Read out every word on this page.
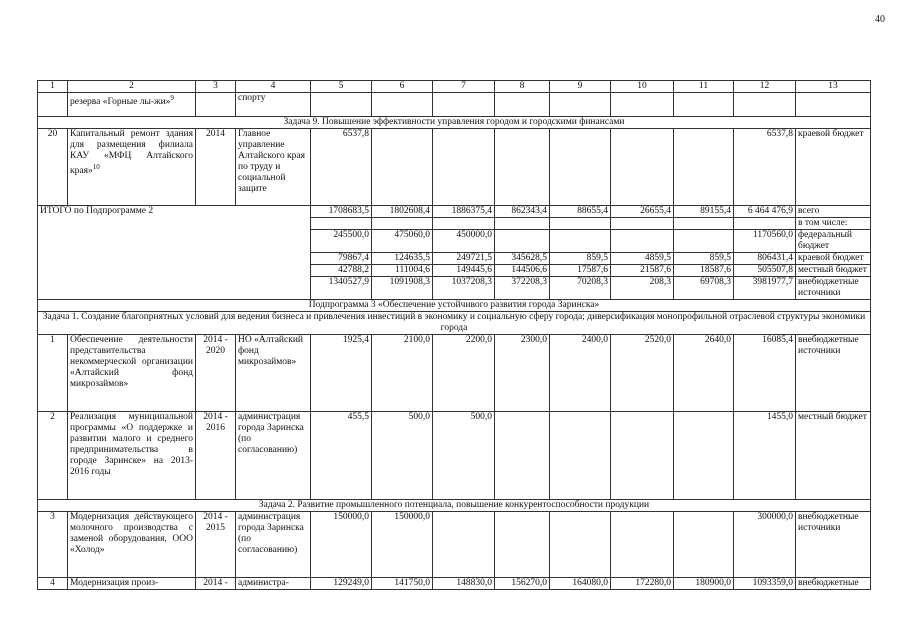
40
1	2	3	4	5	6	7	8	9	10	11	12	13
	резерва «Горные лы-жи»$^9$		спорту									
Задача 9. Повышение эффективности управления городом и городскими финансами												
20	Капитальный ремонт здания для размещения филиала КАУ «МФЦ Алтайского края»$^{10}$	2014	Главное управление Алтайского края по труду и социальной защите	6537,8							6537,8	краевой бюджет
ИТОГО по Подпрограмме 2				1708683,5	1802608,4	1886375,4	862343,4	88655,4	26655,4	89155,4	6 464 476,9	всего
												в том числе:
				245500,0	475060,0	450000,0					1170560,0	федеральный бюджет
				79867,4	124635,5	249721,5	345628,5	859,5	4859,5	859,5	806431,4	краевой бюджет
				42788,2	111004,6	149445,6	144506,6	17587,6	21587,6	18587,6	505507,8	местный бюджет
				1340527,9	1091908,3	1037208,3	372208,3	70208,3	208,3	69708,3	3981977,7	внебюджетные источники
Подпрограмма 3 «Обеспечение устойчивого развития города Заринска»												
Задача 1. Создание благоприятных условий для ведения бизнеса и привлечения инвестиций в экономику и социальную сферу города; диверсификация монопрофильной отраслевой структуры экономики города												
1	Обеспечение деятельности представительства некоммерческой организации «Алтайский фонд микрозаймов»	2014 - 2020	НО «Алтайский фонд микрозаймов»	1925,4	2100,0	2200,0	2300,0	2400,0	2520,0	2640,0	16085,4	внебюджетные источники
2	Реализация муниципальной программы «О поддержке и развитии малого и среднего предпринимательства в городе Заринске» на 2013-2016 годы	2014 - 2016	администрация города Заринска (по согласованию)	455,5	500,0	500,0					1455,0	местный бюджет
Задача 2. Развитие промышленного потенциала, повышение конкурентоспособности продукции												
3	Модернизация действующего молочного производства с заменой оборудования, ООО «Холод»	2014 - 2015	администрация города Заринска (по согласованию)	150000,0	150000,0						300000,0	внебюджетные источники
4	Модернизация произ-	2014 -	администра-	129249,0	141750,0	148830,0	156270,0	164080,0	172280,0	180900,0	1093359,0	внебюджетные
